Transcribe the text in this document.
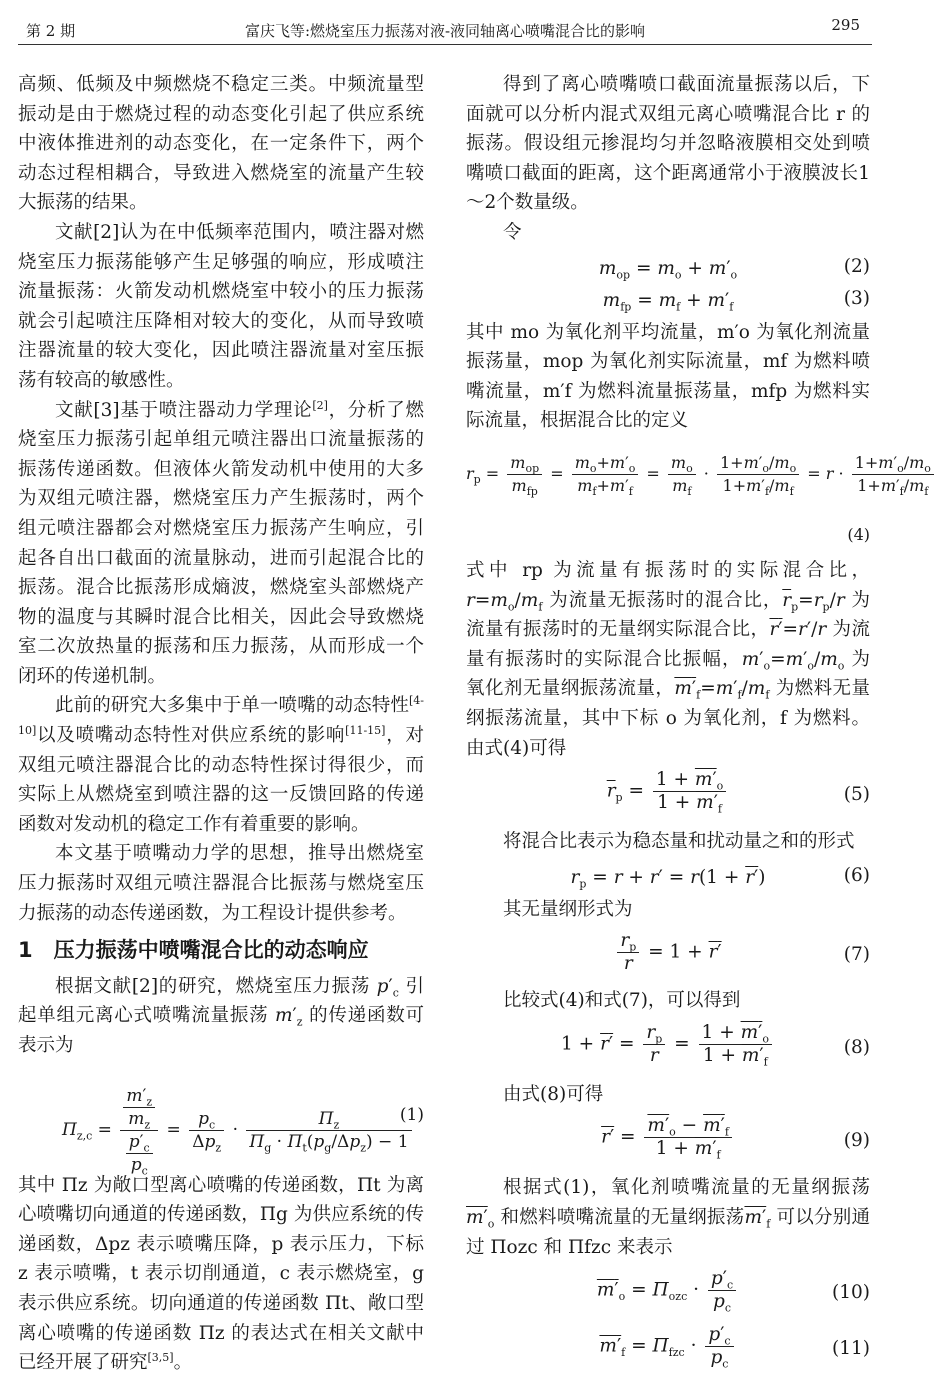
第 2 期	富庆飞等:燃烧室压力振荡对液-液同轴离心喷嘴混合比的影响	295

高频、低频及中频燃烧不稳定三类。中频流量型振动是由于燃烧过程的动态变化引起了供应系统中液体推进剂的动态变化，在一定条件下，两个动态过程相耦合，导致进入燃烧室的流量产生较大振荡的结果。

文献[2]认为在中低频率范围内，喷注器对燃烧室压力振荡能够产生足够强的响应，形成喷注流量振荡：火箭发动机燃烧室中较小的压力振荡就会引起喷注压降相对较大的变化，从而导致喷注器流量的较大变化，因此喷注器流量对室压振荡有较高的敏感性。

文献[3]基于喷注器动力学理论[2]，分析了燃烧室压力振荡引起单组元喷注器出口流量振荡的振荡传递函数。但液体火箭发动机中使用的大多为双组元喷注器，燃烧室压力产生振荡时，两个组元喷注器都会对燃烧室压力振荡产生响应，引起各自出口截面的流量脉动，进而引起混合比的振荡。混合比振荡形成熵波，燃烧室头部燃烧产物的温度与其瞬时混合比相关，因此会导致燃烧室二次放热量的振荡和压力振荡，从而形成一个闭环的传递机制。

此前的研究大多集中于单一喷嘴的动态特性[4-10]以及喷嘴动态特性对供应系统的影响[11-15]，对双组元喷注器混合比的动态特性探讨得很少，而实际上从燃烧室到喷注器的这一反馈回路的传递函数对发动机的稳定工作有着重要的影响。

本文基于喷嘴动力学的思想，推导出燃烧室压力振荡时双组元喷注器混合比振荡与燃烧室压力振荡的动态传递函数，为工程设计提供参考。

1　压力振荡中喷嘴混合比的动态响应

根据文献[2]的研究，燃烧室压力振荡 $p'_c$ 引起单组元离心式喷嘴流量振荡 $m'_z$ 的传递函数可表示为

$\Pi_{z,c} = \frac{\frac{m'_z}{m_z}}{\frac{p'_c}{p_c}} = \frac{p_c}{\Delta p_z} \cdot \frac{\Pi_z}{\Pi_g \cdot \Pi_t(p_g/\Delta p_z) - 1}$
(1)

其中 Πz 为敞口型离心喷嘴的传递函数，Πt 为离心喷嘴切向通道的传递函数，Πg 为供应系统的传递函数，Δpz 表示喷嘴压降，p 表示压力，下标 z 表示喷嘴，t 表示切削通道，c 表示燃烧室，g 表示供应系统。切向通道的传递函数 Πt、敞口型离心喷嘴的传递函数 Πz 的表达式在相关文献中已经开展了研究[3,5]。

得到了离心喷嘴喷口截面流量振荡以后，下面就可以分析内混式双组元离心喷嘴混合比 r 的振荡。假设组元掺混均匀并忽略液膜相交处到喷嘴喷口截面的距离，这个距离通常小于液膜波长1～2个数量级。

令

$m_{op} = m_o + m'_o$	(2)
$m_{fp} = m_f + m'_f$	(3)

其中 mo 为氧化剂平均流量，m′o 为氧化剂流量振荡量，mop 为氧化剂实际流量，mf 为燃料喷嘴流量，m′f 为燃料流量振荡量，mfp 为燃料实际流量，根据混合比的定义

$r_p = \frac{m_{op}}{m_{fp}} = \frac{m_o+m'_o}{m_f+m'_f} = \frac{m_o}{m_f} \cdot \frac{1+m'_o/m_o}{1+m'_f/m_f} = r \cdot \frac{1+m'_o/m_o}{1+m'_f/m_f}$
(4)

式中 rp 为流量有振荡时的实际混合比，$r=m_o/m_f$ 为流量无振荡时的混合比，$\overline{r}_p=r_p/r$ 为流量有振荡时的无量纲实际混合比，r′=r′/r 为流量有振荡时的实际混合比振幅，$m'_o=m'_o/m_o$ 为氧化剂无量纲振荡流量，$m'_f=m'_f/m_f$ 为燃料无量纲振荡流量，其中下标 o 为氧化剂，f 为燃料。由式(4)可得

$\overline{r}_p = \frac{1 + m'_o}{1 + m'_f}$	(5)

将混合比表示为稳态量和扰动量之和的形式

$r_p = r + r' = r(1 + r')$	(6)

其无量纲形式为

$\frac{r_p}{r} = 1 + r'$	(7)

比较式(4)和式(7)，可以得到

$1 + r' = \frac{r_p}{r} = \frac{1 + m'_o}{1 + m'_f}$	(8)

由式(8)可得

$r' = \frac{m'_o - m'_f}{1 + m'_f}$	(9)

根据式(1)，氧化剂喷嘴流量的无量纲振荡$m'_o$ 和燃料喷嘴流量的无量纲振荡$m'_f$ 可以分别通过 Πozc 和 Πfzc 来表示

$m'_o = \Pi_{ozc} \cdot \frac{p'_c}{p_c}$	(10)
$m'_f = \Pi_{fzc} \cdot \frac{p'_c}{p_c}$	(11)
